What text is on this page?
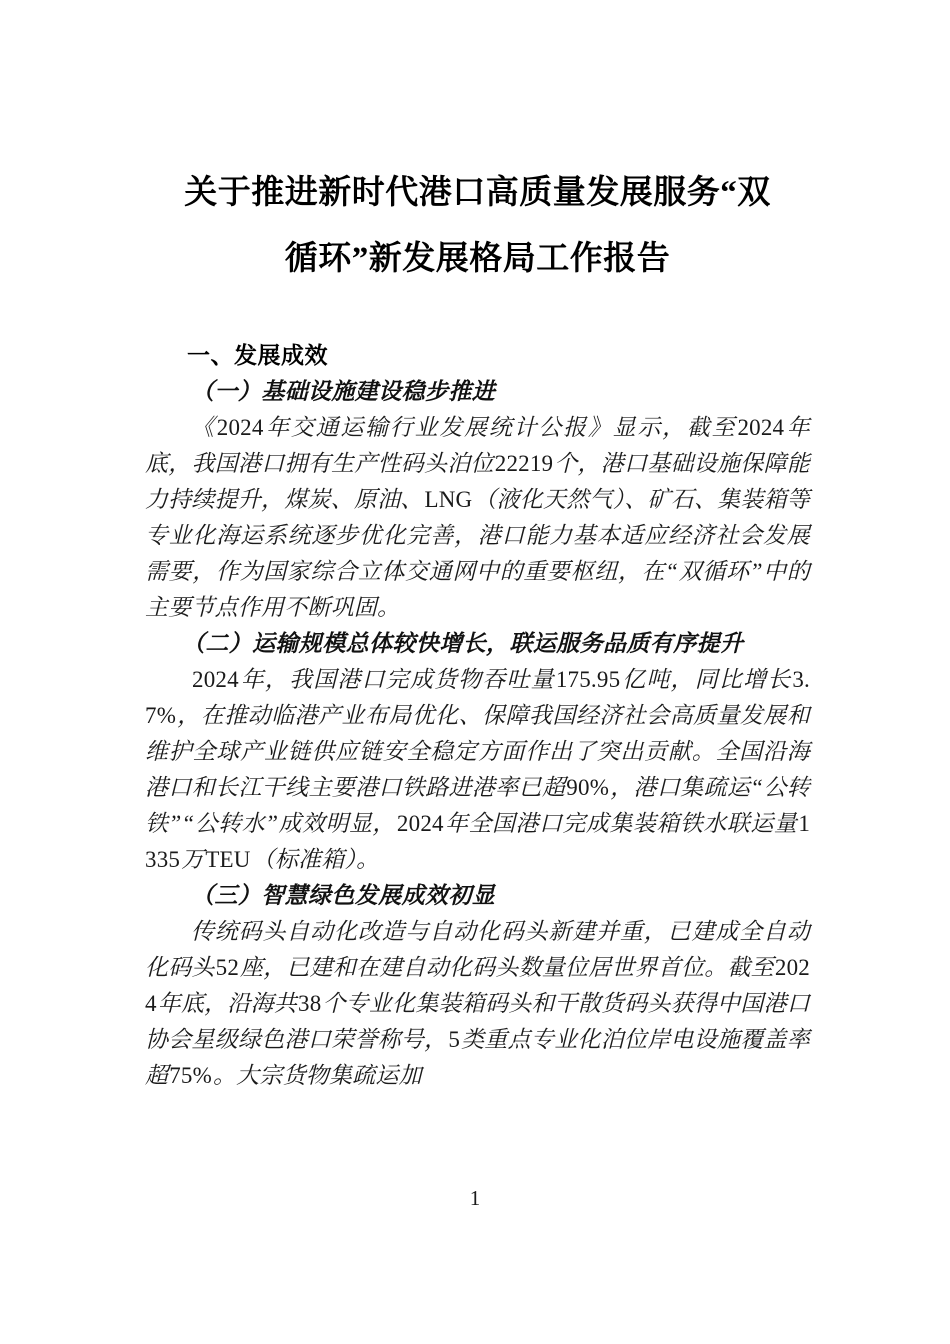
关于推进新时代港口高质量发展服务“双
循环”新发展格局工作报告
一、发展成效
（一）基础设施建设稳步推进

《2024年交通运输行业发展统计公报》显示，截至2024年底，我国港口拥有生产性码头泊位22219个，港口基础设施保障能力持续提升，煤炭、原油、LNG（液化天然气）、矿石、集装箱等专业化海运系统逐步优化完善，港口能力基本适应经济社会发展需要，作为国家综合立体交通网中的重要枢纽，在“双循环”中的主要节点作用不断巩固。

（二）运输规模总体较快增长，联运服务品质有序提升

2024年，我国港口完成货物吞吐量175.95亿吨，同比增长3.7%，在推动临港产业布局优化、保障我国经济社会高质量发展和维护全球产业链供应链安全稳定方面作出了突出贡献。全国沿海港口和长江干线主要港口铁路进港率已超90%，港口集疏运“公转铁”“公转水”成效明显，2024年全国港口完成集装箱铁水联运量1335万TEU（标准箱）。

（三）智慧绿色发展成效初显

传统码头自动化改造与自动化码头新建并重，已建成全自动化码头52座，已建和在建自动化码头数量位居世界首位。截至2024年底，沿海共38个专业化集装箱码头和干散货码头获得中国港口协会星级绿色港口荣誉称号，5类重点专业化泊位岸电设施覆盖率超75%。大宗货物集疏运加

1
